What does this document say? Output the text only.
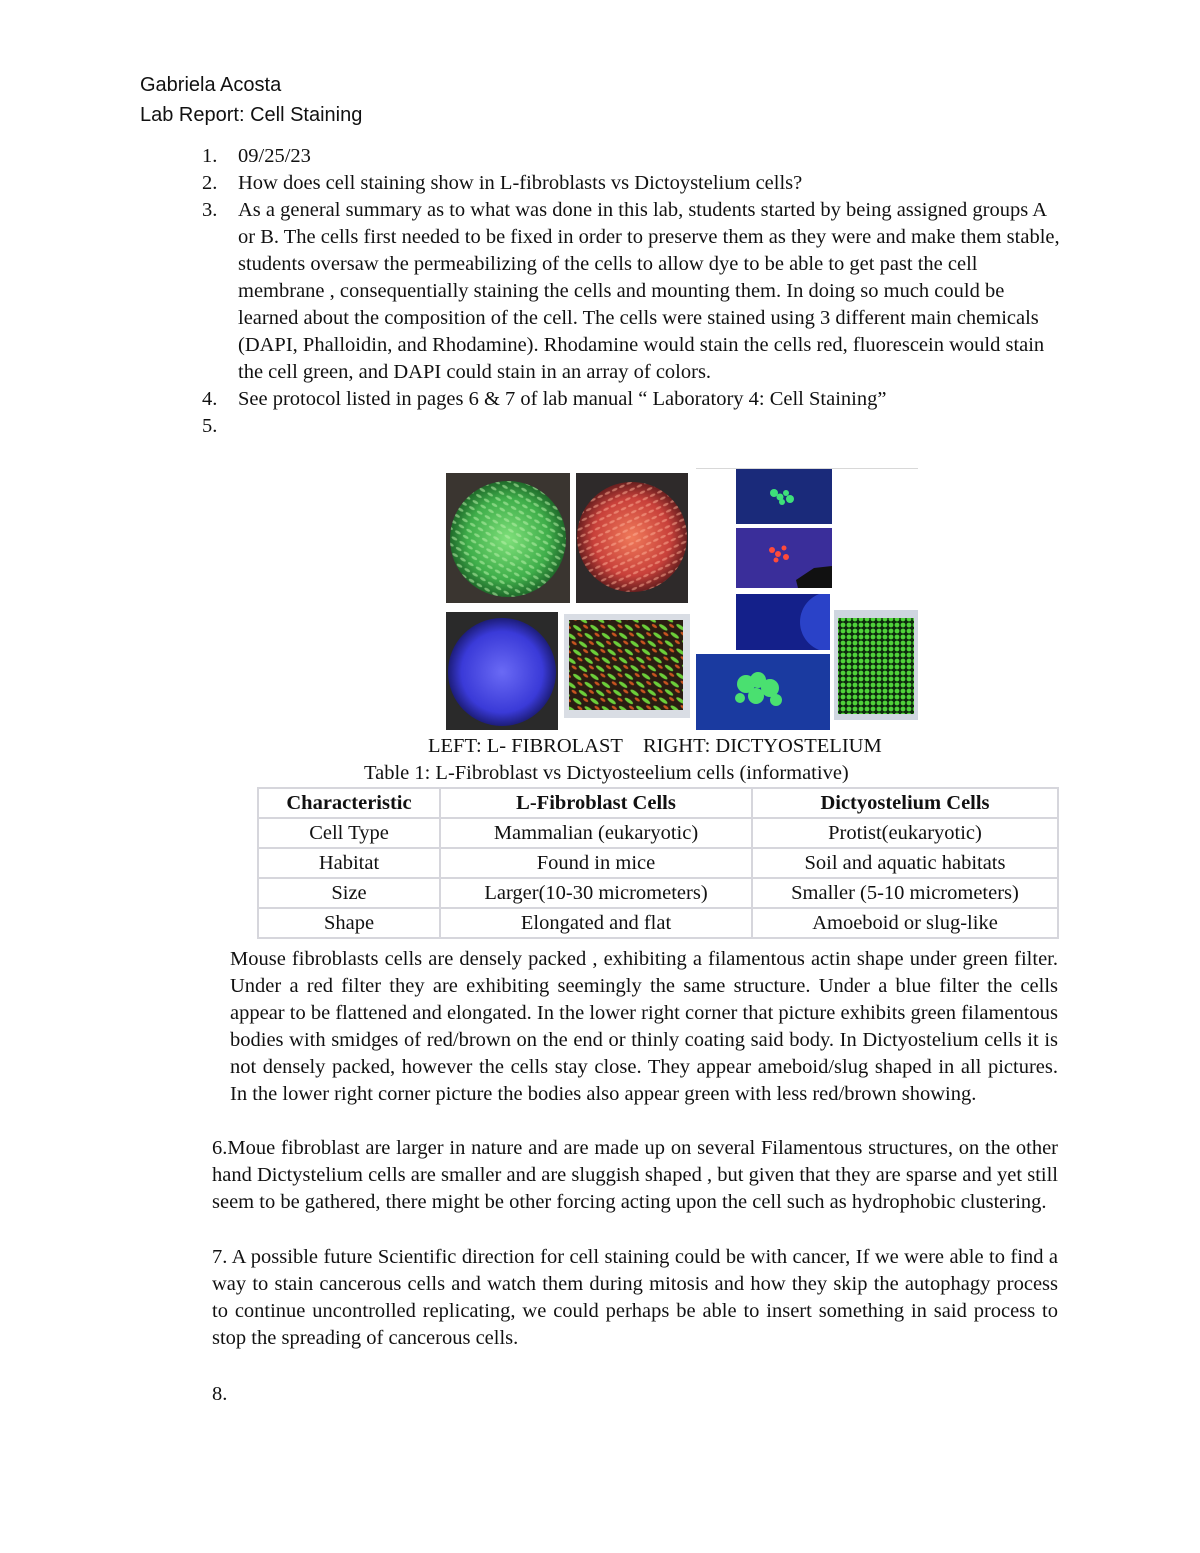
Gabriela Acosta
Lab Report: Cell Staining
1. 09/25/23
2. How does cell staining show in L-fibroblasts vs Dictoystelium cells?
3. As a general summary as to what was done in this lab, students started by being assigned groups A or B. The cells first needed to be fixed in order to preserve them as they were and make them stable, students oversaw the permeabilizing of the cells to allow dye to be able to get past the cell membrane , consequentially staining the cells and mounting them. In doing so much could be learned about the composition of the cell. The cells were stained using 3 different main chemicals (DAPI, Phalloidin, and Rhodamine). Rhodamine would stain the cells red, fluorescein would stain the cell green, and DAPI could stain in an array of colors.
4. See protocol listed in pages 6 & 7 of lab manual “ Laboratory 4: Cell Staining”
5.

LEFT: L- FIBROLAST    RIGHT: DICTYOSTELIUM
Table 1: L-Fibroblast vs Dictyosteelium cells (informative)
Characteristic	L-Fibroblast Cells	Dictyostelium Cells
Cell Type	Mammalian (eukaryotic)	Protist(eukaryotic)
Habitat	Found in mice	Soil and aquatic habitats
Size	Larger(10-30 micrometers)	Smaller (5-10 micrometers)
Shape	Elongated and flat	Amoeboid or slug-like
Mouse fibroblasts cells are densely packed , exhibiting a filamentous actin shape under green filter. Under a red filter they are exhibiting seemingly the same structure. Under a blue filter the cells appear to be flattened and elongated. In the lower right corner that picture exhibits green filamentous bodies with smidges of red/brown on the end or thinly coating said body. In Dictyostelium cells it is not densely packed, however the cells stay close. They appear ameboid/slug shaped in all pictures. In the lower right corner picture the bodies also appear green with less red/brown showing.
6.Moue fibroblast are larger in nature and are made up on several Filamentous structures, on the other hand Dictystelium cells are smaller and are sluggish shaped , but given that they are sparse and yet still seem to be gathered, there might be other forcing acting upon the cell such as hydrophobic clustering.
7. A possible future Scientific direction for cell staining could be with cancer, If we were able to find a way to stain cancerous cells and watch them during mitosis and how they skip the autophagy process to continue uncontrolled replicating, we could perhaps be able to insert something in said process to stop the spreading of cancerous cells.
8.
